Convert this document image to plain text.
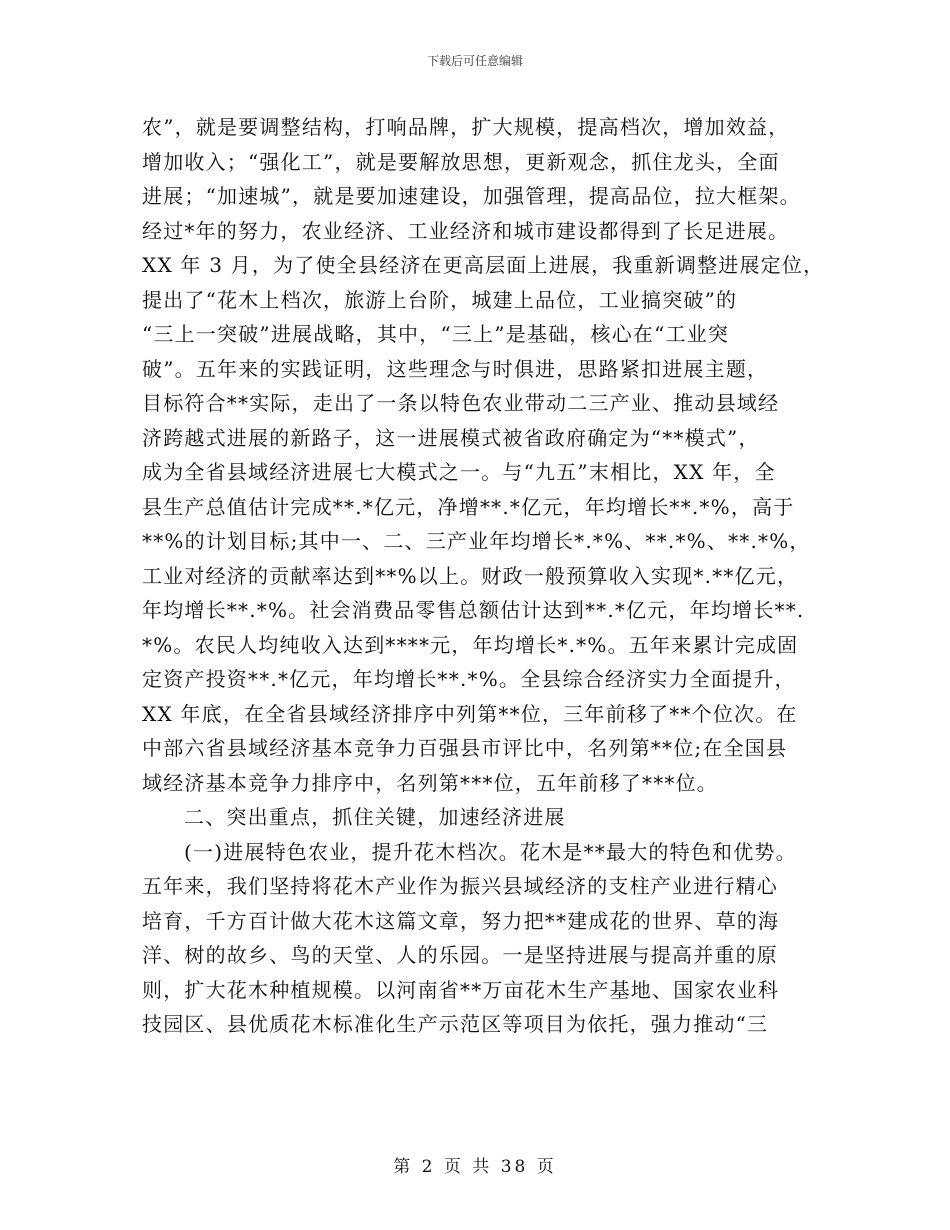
下载后可任意编辑
农”，就是要调整结构，打响品牌，扩大规模，提高档次，增加效益，
增加收入；“强化工”，就是要解放思想，更新观念，抓住龙头，全面
进展；“加速城”，就是要加速建设，加强管理，提高品位，拉大框架。
经过*年的努力，农业经济、工业经济和城市建设都得到了长足进展。
XX 年 3 月，为了使全县经济在更高层面上进展，我重新调整进展定位，
提出了“花木上档次，旅游上台阶，城建上品位，工业搞突破”的
“三上一突破”进展战略，其中，“三上”是基础，核心在“工业突
破”。五年来的实践证明，这些理念与时俱进，思路紧扣进展主题，
目标符合**实际，走出了一条以特色农业带动二三产业、推动县域经
济跨越式进展的新路子，这一进展模式被省政府确定为“**模式”，
成为全省县域经济进展七大模式之一。与“九五”末相比，XX 年，全
县生产总值估计完成**.*亿元，净增**.*亿元，年均增长**.*%，高于
**%的计划目标;其中一、二、三产业年均增长*.*%、**.*%、**.*%，
工业对经济的贡献率达到**%以上。财政一般预算收入实现*.**亿元，
年均增长**.*%。社会消费品零售总额估计达到**.*亿元，年均增长**.
*%。农民人均纯收入达到****元，年均增长*.*%。五年来累计完成固
定资产投资**.*亿元，年均增长**.*%。全县综合经济实力全面提升，
XX 年底，在全省县域经济排序中列第**位，三年前移了**个位次。在
中部六省县域经济基本竞争力百强县市评比中，名列第**位;在全国县
域经济基本竞争力排序中，名列第***位，五年前移了***位。
二、突出重点，抓住关键，加速经济进展
(一)进展特色农业，提升花木档次。花木是**最大的特色和优势。
五年来，我们坚持将花木产业作为振兴县域经济的支柱产业进行精心
培育，千方百计做大花木这篇文章，努力把**建成花的世界、草的海
洋、树的故乡、鸟的天堂、人的乐园。一是坚持进展与提高并重的原
则，扩大花木种植规模。以河南省**万亩花木生产基地、国家农业科
技园区、县优质花木标准化生产示范区等项目为依托，强力推动“三
第 2 页 共 38 页
